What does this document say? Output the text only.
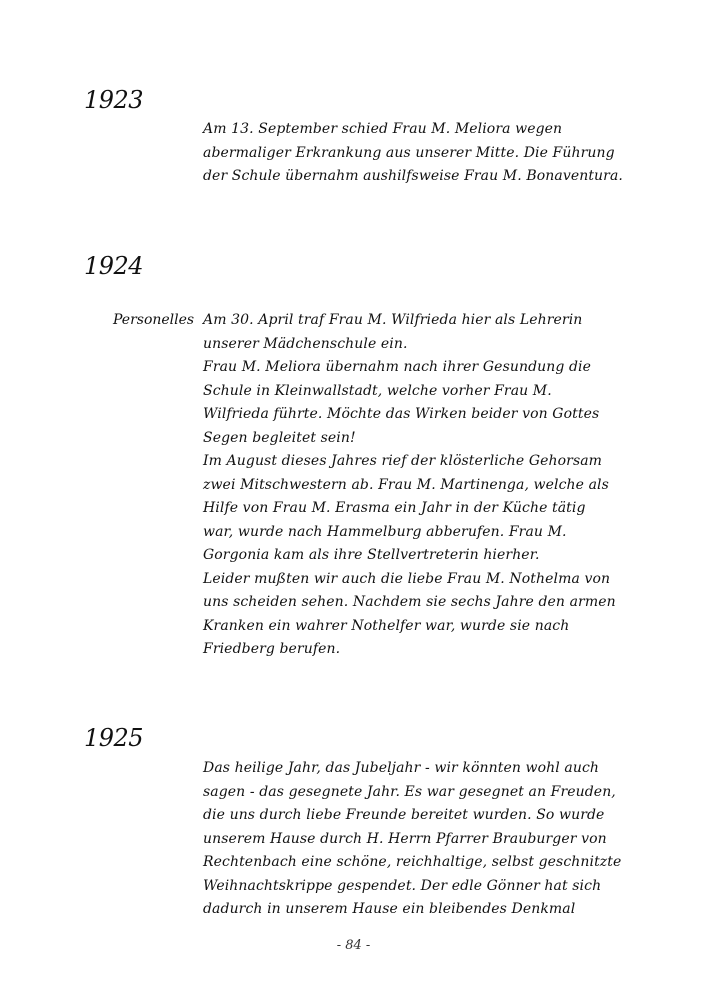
1923
Am 13. September schied Frau M. Meliora wegen
abermaliger Erkrankung aus unserer Mitte. Die Führung
der Schule übernahm aushilfsweise Frau M. Bonaventura.
1924
Personelles Am 30. April traf Frau M. Wilfrieda hier als Lehrerin
unserer Mädchenschule ein.
Frau M. Meliora übernahm nach ihrer Gesundung die
Schule in Kleinwallstadt, welche vorher Frau M.
Wilfrieda führte. Möchte das Wirken beider von Gottes
Segen begleitet sein!
Im August dieses Jahres rief der klösterliche Gehorsam
zwei Mitschwestern ab. Frau M. Martinenga, welche als
Hilfe von Frau M. Erasma ein Jahr in der Küche tätig
war, wurde nach Hammelburg abberufen. Frau M.
Gorgonia kam als ihre Stellvertreterin hierher.
Leider mußten wir auch die liebe Frau M. Nothelma von
uns scheiden sehen. Nachdem sie sechs Jahre den armen
Kranken ein wahrer Nothelfer war, wurde sie nach
Friedberg berufen.
1925
Das heilige Jahr, das Jubeljahr - wir könnten wohl auch
sagen - das gesegnete Jahr. Es war gesegnet an Freuden,
die uns durch liebe Freunde bereitet wurden. So wurde
unserem Hause durch H. Herrn Pfarrer Brauburger von
Rechtenbach eine schöne, reichhaltige, selbst geschnitzte
Weihnachtskrippe gespendet. Der edle Gönner hat sich
dadurch in unserem Hause ein bleibendes Denkmal
- 84 -
